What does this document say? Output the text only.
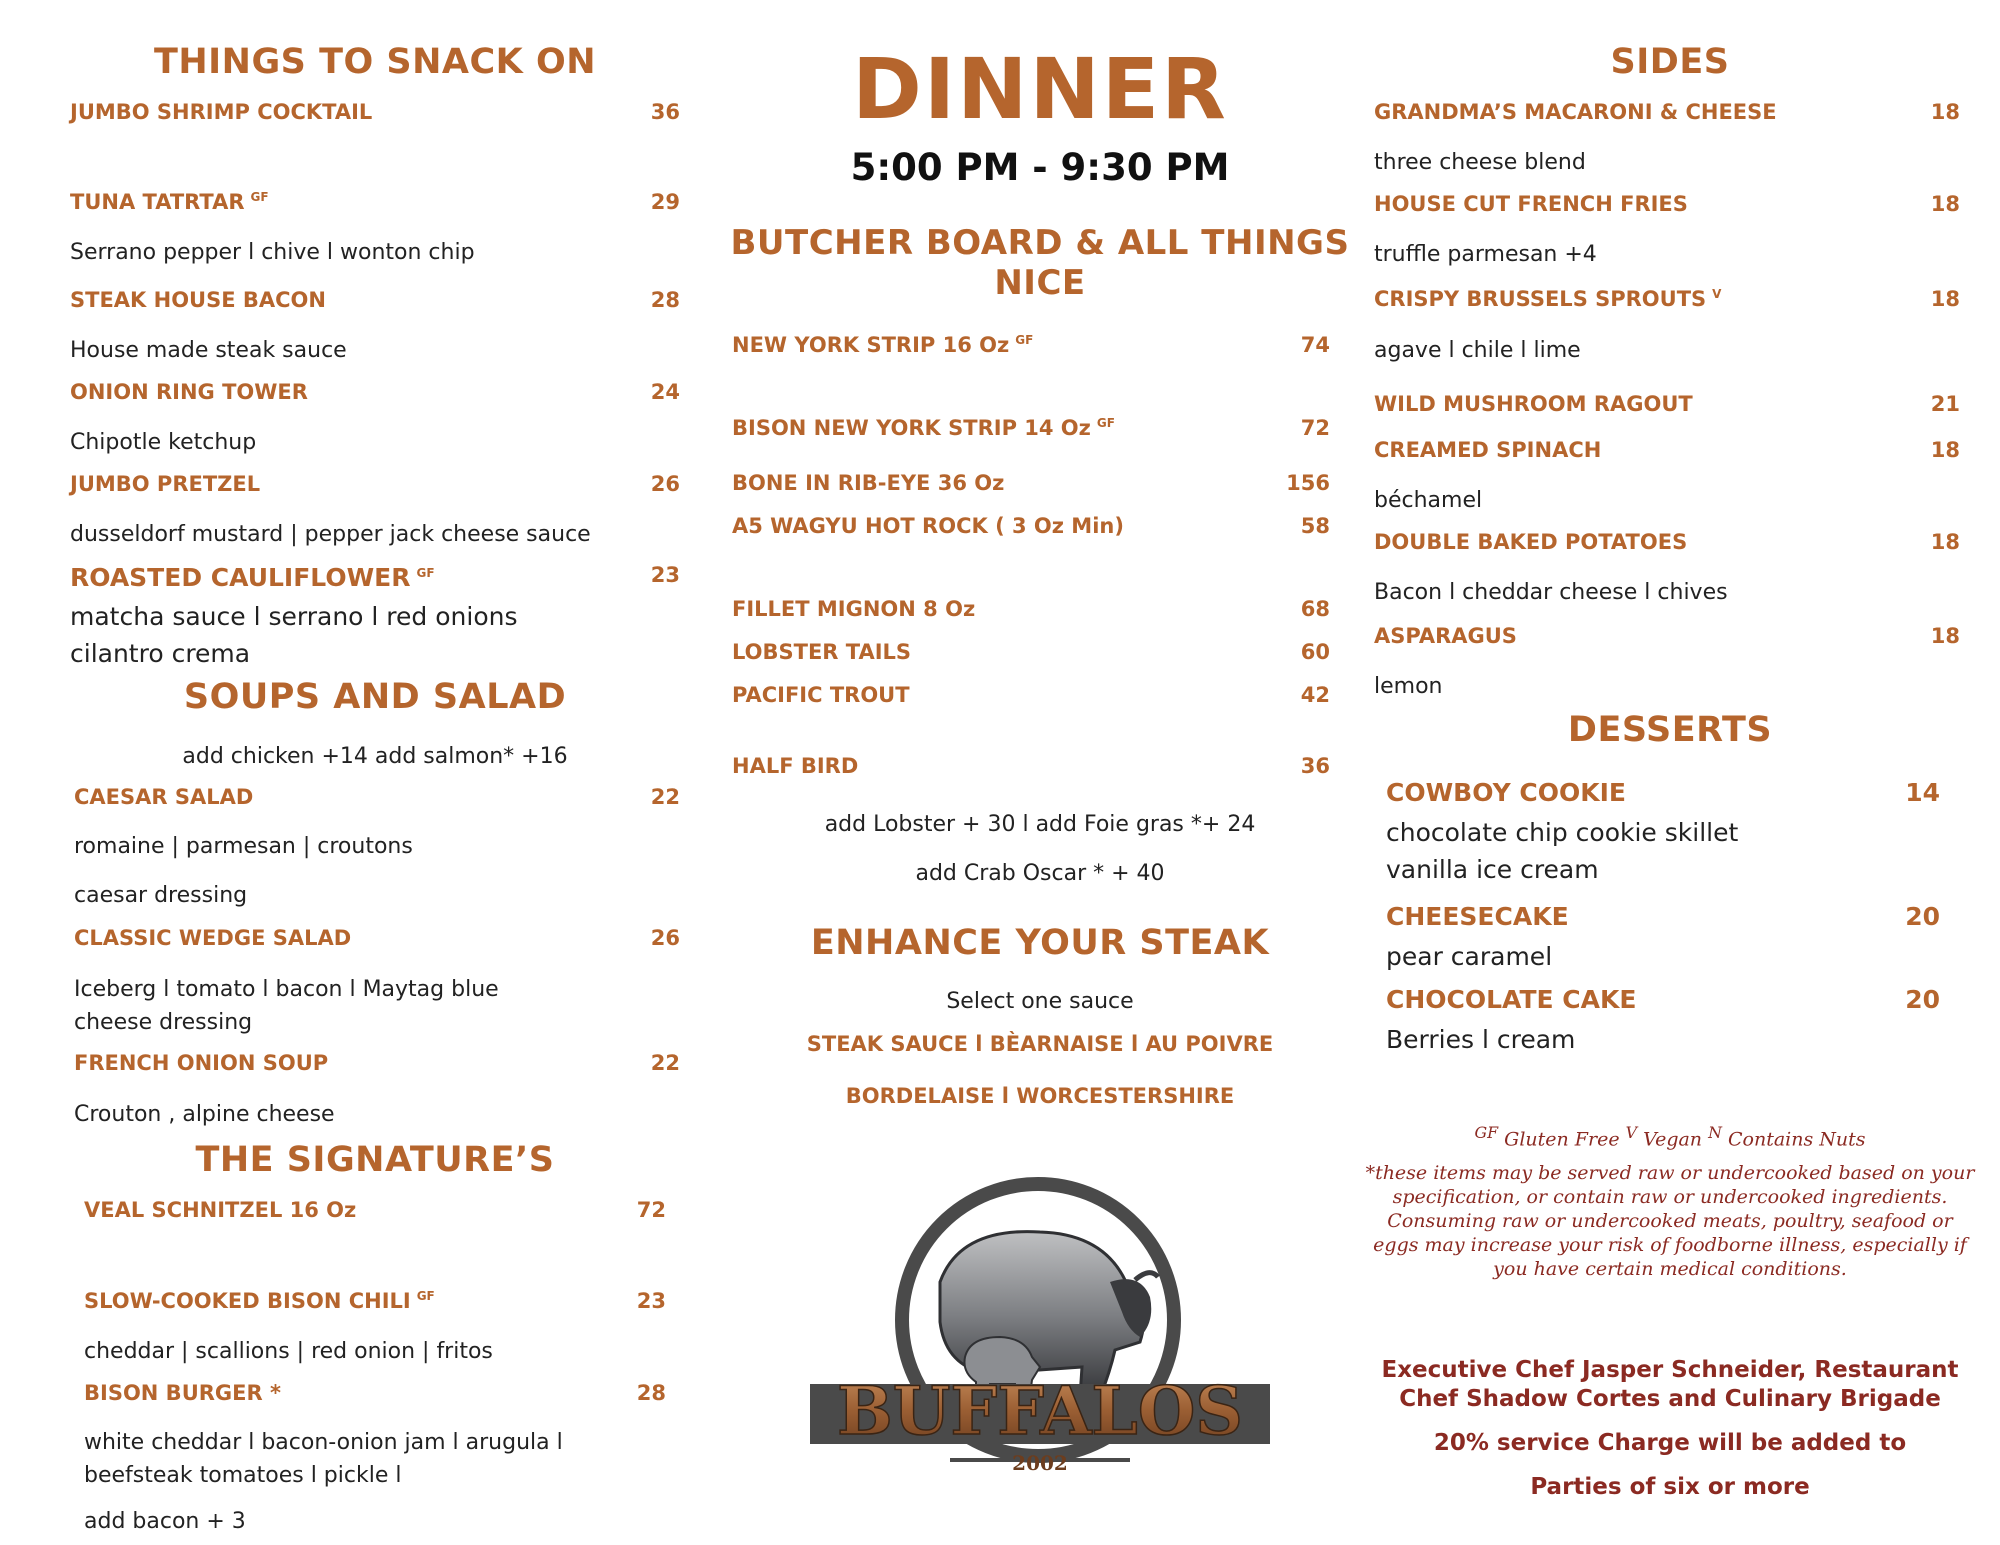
THINGS TO SNACK ON
JUMBO SHRIMP COCKTAIL	36
TUNA TATRTAR $^{GF}$	29
Serrano pepper l chive l wonton chip
STEAK HOUSE BACON	28
House made steak sauce
ONION RING TOWER	24
Chipotle ketchup
JUMBO PRETZEL	26
dusseldorf mustard | pepper jack cheese sauce
ROASTED CAULIFLOWER $^{GF}$	23
matcha sauce l serrano l red onions
cilantro crema
SOUPS AND SALAD
add chicken +14 add salmon* +16
CAESAR SALAD	22
romaine | parmesan | croutons
caesar dressing
CLASSIC WEDGE SALAD	26
Iceberg l tomato l bacon l Maytag blue
cheese dressing
FRENCH ONION SOUP	22
Crouton , alpine cheese
THE SIGNATURE’S
VEAL SCHNITZEL 16 Oz	72
SLOW-COOKED BISON CHILI $^{GF}$	23
cheddar | scallions | red onion | fritos
BISON BURGER *	28
white cheddar l bacon-onion jam l arugula l
beefsteak tomatoes l pickle l
add bacon + 3
DINNER
5:00 PM - 9:30 PM
BUTCHER BOARD & ALL THINGS NICE
NEW YORK STRIP 16 Oz $^{GF}$	74
BISON NEW YORK STRIP 14 Oz $^{GF}$	72
BONE IN RIB-EYE 36 Oz	156
A5 WAGYU HOT ROCK ( 3 Oz Min)	58
FILLET MIGNON 8 Oz	68
LOBSTER TAILS	60
PACIFIC TROUT	42
HALF BIRD	36
add Lobster + 30 l add Foie gras *+ 24
add Crab Oscar * + 40
ENHANCE YOUR STEAK
Select one sauce
STEAK SAUCE l BÈARNAISE l AU POIVRE
BORDELAISE l WORCESTERSHIRE
BUFFALOS
2002
SIDES
GRANDMA’S MACARONI & CHEESE	18
three cheese blend
HOUSE CUT FRENCH FRIES	18
truffle parmesan +4
CRISPY BRUSSELS SPROUTS $^V$	18
agave l chile l lime
WILD MUSHROOM RAGOUT	21
CREAMED SPINACH	18
béchamel
DOUBLE BAKED POTATOES	18
Bacon l cheddar cheese l chives
ASPARAGUS	18
lemon
DESSERTS
COWBOY COOKIE	14
chocolate chip cookie skillet
vanilla ice cream
CHEESECAKE	20
pear caramel
CHOCOLATE CAKE	20
Berries l cream
$^{GF}$ Gluten Free $^V$ Vegan $^N$ Contains Nuts
*these items may be served raw or undercooked based on your
specification, or contain raw or undercooked ingredients.
Consuming raw or undercooked meats, poultry, seafood or
eggs may increase your risk of foodborne illness, especially if
you have certain medical conditions.
Executive Chef Jasper Schneider, Restaurant
Chef Shadow Cortes and Culinary Brigade
20% service Charge will be added to
Parties of six or more
